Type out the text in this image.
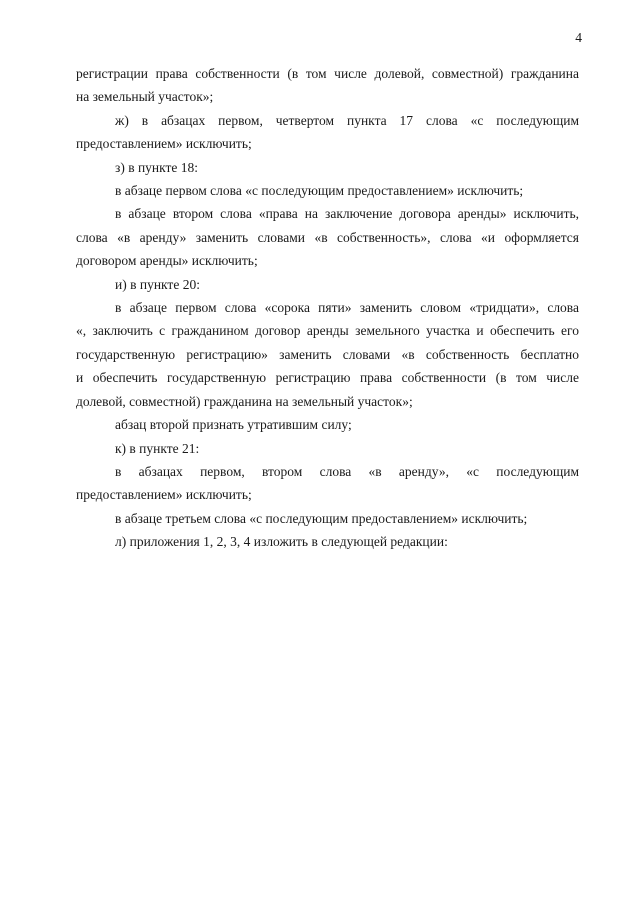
4
регистрации права собственности (в том числе долевой, совместной) гражданина
на земельный участок»;
ж) в абзацах первом, четвертом пункта 17 слова «с последующим
предоставлением» исключить;
з) в пункте 18:
в абзаце первом слова «с последующим предоставлением» исключить;
в абзаце втором слова «права на заключение договора аренды» исключить,
слова «в аренду» заменить словами «в собственность», слова «и оформляется
договором аренды» исключить;
и) в пункте 20:
в абзаце первом слова «сорока пяти» заменить словом «тридцати», слова
«, заключить с гражданином договор аренды земельного участка и обеспечить его
государственную регистрацию» заменить словами «в собственность бесплатно
и обеспечить государственную регистрацию права собственности (в том числе
долевой, совместной) гражданина на земельный участок»;
абзац второй признать утратившим силу;
к) в пункте 21:
в абзацах первом, втором слова «в аренду», «с последующим
предоставлением» исключить;
в абзаце третьем слова «с последующим предоставлением» исключить;
л) приложения 1, 2, 3, 4 изложить в следующей редакции:
